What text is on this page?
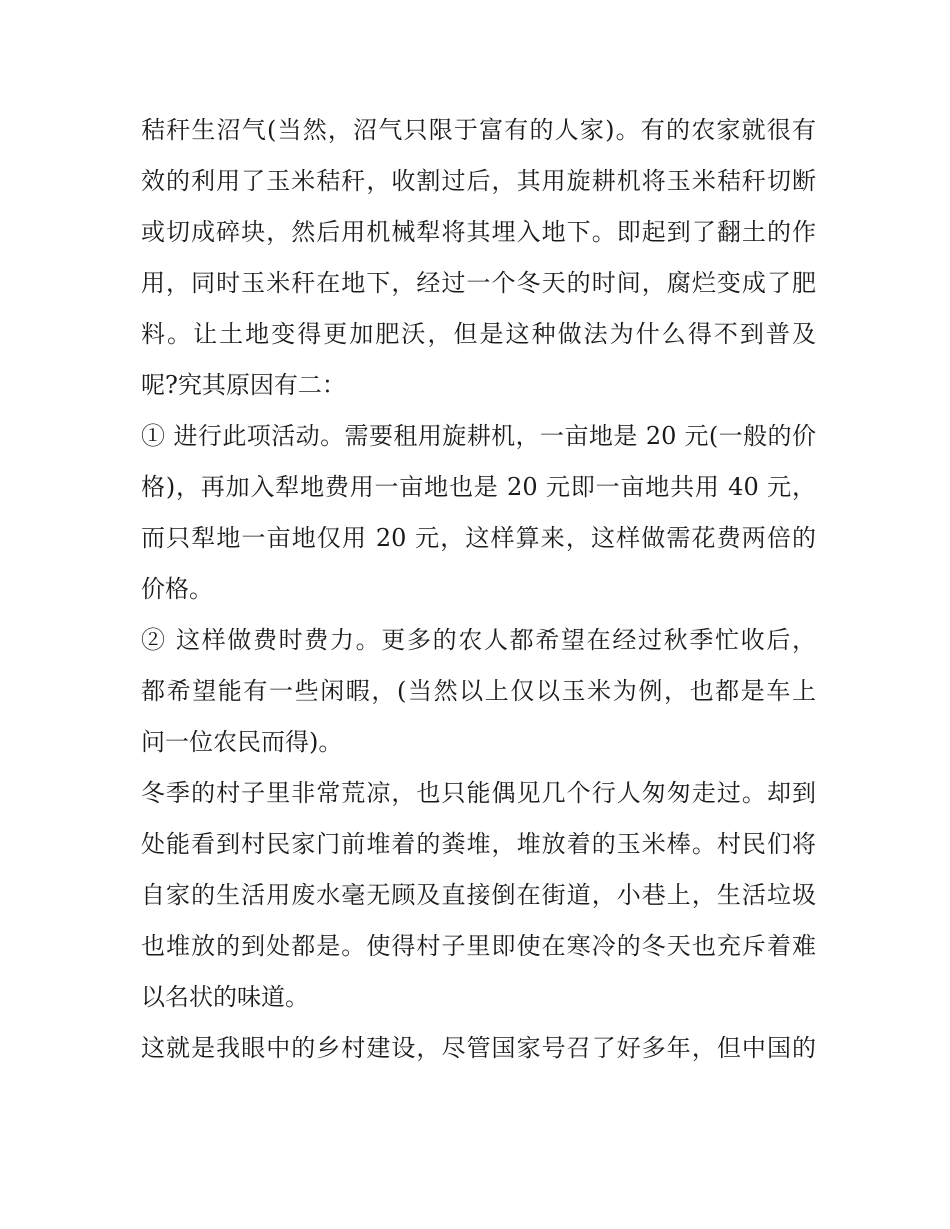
秸秆生沼气(当然，沼气只限于富有的人家)。有的农家就很有
效的利用了玉米秸秆，收割过后，其用旋耕机将玉米秸秆切断
或切成碎块，然后用机械犁将其埋入地下。即起到了翻土的作
用，同时玉米秆在地下，经过一个冬天的时间，腐烂变成了肥
料。让土地变得更加肥沃，但是这种做法为什么得不到普及
呢?究其原因有二：
① 进行此项活动。需要租用旋耕机，一亩地是 20 元(一般的价
格)，再加入犁地费用一亩地也是 20 元即一亩地共用 40 元，
而只犁地一亩地仅用 20 元，这样算来，这样做需花费两倍的
价格。
② 这样做费时费力。更多的农人都希望在经过秋季忙收后，
都希望能有一些闲暇，(当然以上仅以玉米为例，也都是车上
问一位农民而得)。
冬季的村子里非常荒凉，也只能偶见几个行人匆匆走过。却到
处能看到村民家门前堆着的粪堆，堆放着的玉米棒。村民们将
自家的生活用废水毫无顾及直接倒在街道，小巷上，生活垃圾
也堆放的到处都是。使得村子里即使在寒冷的冬天也充斥着难
以名状的味道。
这就是我眼中的乡村建设，尽管国家号召了好多年，但中国的
